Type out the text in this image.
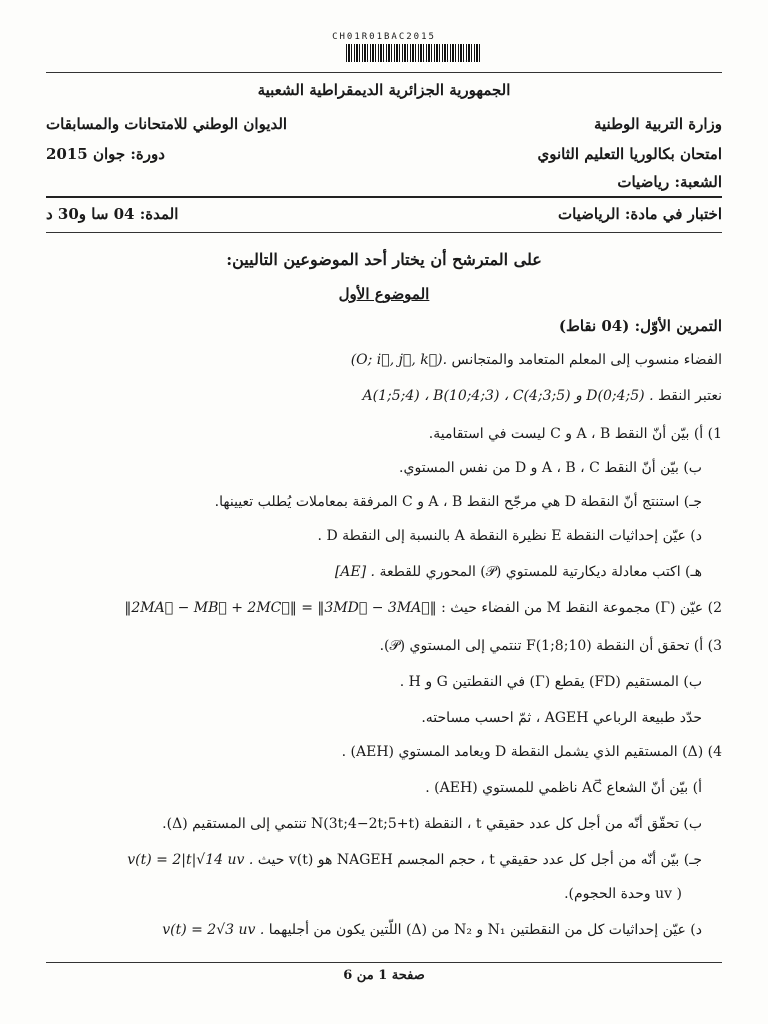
CH01R01BAC2015
الجمهورية الجزائرية الديمقراطية الشعبية
وزارة التربية الوطنية
الديوان الوطني للامتحانات والمسابقات
امتحان بكالوريا التعليم الثانوي
دورة: جوان 2015
الشعبة: رياضيات
اختبار في مادة: الرياضيات
المدة: 04 سا و30 د
على المترشح أن يختار أحد الموضوعين التاليين:
الموضوع الأول
التمرين الأوّل: (04 نقاط)
الفضاء منسوب إلى المعلم المتعامد والمتجانس (O; i⃗, j⃗, k⃗).
نعتبر النقط A(1;5;4) ، B(10;4;3) ، C(4;3;5) و D(0;4;5) .
1) أ) بيّن أنّ النقط A ، B و C ليست في استقامية.
ب) بيّن أنّ النقط A ، B ، C و D من نفس المستوي.
جـ) استنتج أنّ النقطة D هي مرجّح النقط A ، B و C المرفقة بمعاملات يُطلب تعيينها.
د) عيّن إحداثيات النقطة E نظيرة النقطة A بالنسبة إلى النقطة D .
هـ) اكتب معادلة ديكارتية للمستوي (𝒫) المحوري للقطعة [AE] .
2) عيّن (Γ) مجموعة النقط M من الفضاء حيث : ‖2MA⃗ − MB⃗ + 2MC⃗‖ = ‖3MD⃗ − 3MA⃗‖
3) أ) تحقق أن النقطة F(1;8;10) تنتمي إلى المستوي (𝒫).
ب) المستقيم (FD) يقطع (Γ) في النقطتين G و H .
حدّد طبيعة الرباعي AGEH ، ثمّ احسب مساحته.
4) (Δ) المستقيم الذي يشمل النقطة D ويعامد المستوي (AEH) .
أ) بيّن أنّ الشعاع AC⃗ ناظمي للمستوي (AEH) .
ب) تحقّق أنّه من أجل كل عدد حقيقي t ، النقطة N(3t;4−2t;5+t) تنتمي إلى المستقيم (Δ).
جـ) بيّن أنّه من أجل كل عدد حقيقي t ، حجم المجسم NAGEH هو v(t) حيث v(t) = 2|t|√14 uv .
( uv وحدة الحجوم).
د) عيّن إحداثيات كل من النقطتين N₁ و N₂ من (Δ) اللّتين يكون من أجليهما v(t) = 2√3 uv .
صفحة 1 من 6
